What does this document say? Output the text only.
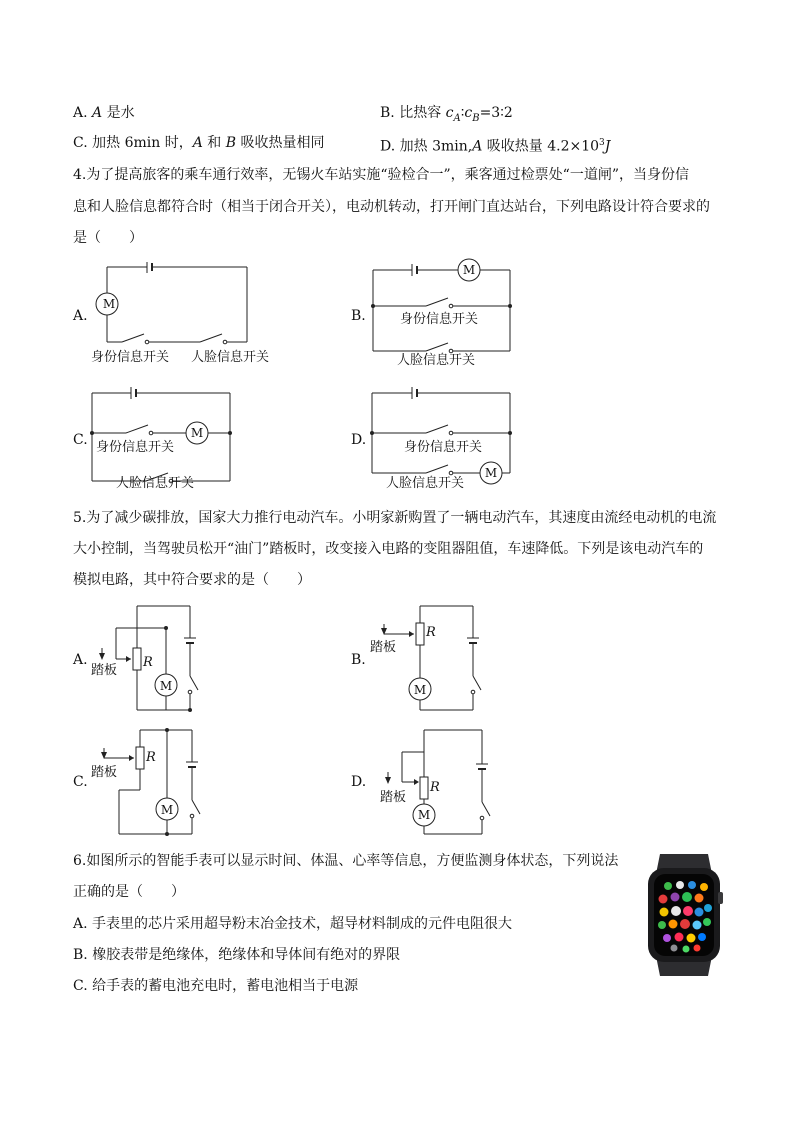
A. A 是水	B. 比热容 $c_A∶c_B=3∶2$
C. 加热 6min 时，A 和 B 吸收热量相同	D. 加热 3min,A 吸收热量 $4.2\times 10^3J$
4.为了提高旅客的乘车通行效率，无锡火车站实施“验检合一”，乘客通过检票处“一道闸”，当身份信
息和人脸信息都符合时（相当于闭合开关），电动机转动，打开闸门直达站台，下列电路设计符合要求的
是（　　）
A.
M
身份信息开关 人脸信息开关
B.
M
身份信息开关
人脸信息开关
C.	M
身份信息开关
人脸信息开关
D.
M
身份信息开关
人脸信息开关
5.为了减少碳排放，国家大力推行电动汽车。小明家新购置了一辆电动汽车，其速度由流经电动机的电流
大小控制，当驾驶员松开“油门”踏板时，改变接入电路的变阻器阻值，车速降低。下列是该电动汽车的
模拟电路，其中符合要求的是（　　）
A.	R
踏板
M
B.
R
踏板
M
C.
R
踏板
M
D.	R
踏板
M
6.如图所示的智能手表可以显示时间、体温、心率等信息，方便监测身体状态，下列说法
正确的是（　　）
A. 手表里的芯片采用超导粉末冶金技术，超导材料制成的元件电阻很大
B. 橡胶表带是绝缘体，绝缘体和导体间有绝对的界限
C. 给手表的蓄电池充电时，蓄电池相当于电源
